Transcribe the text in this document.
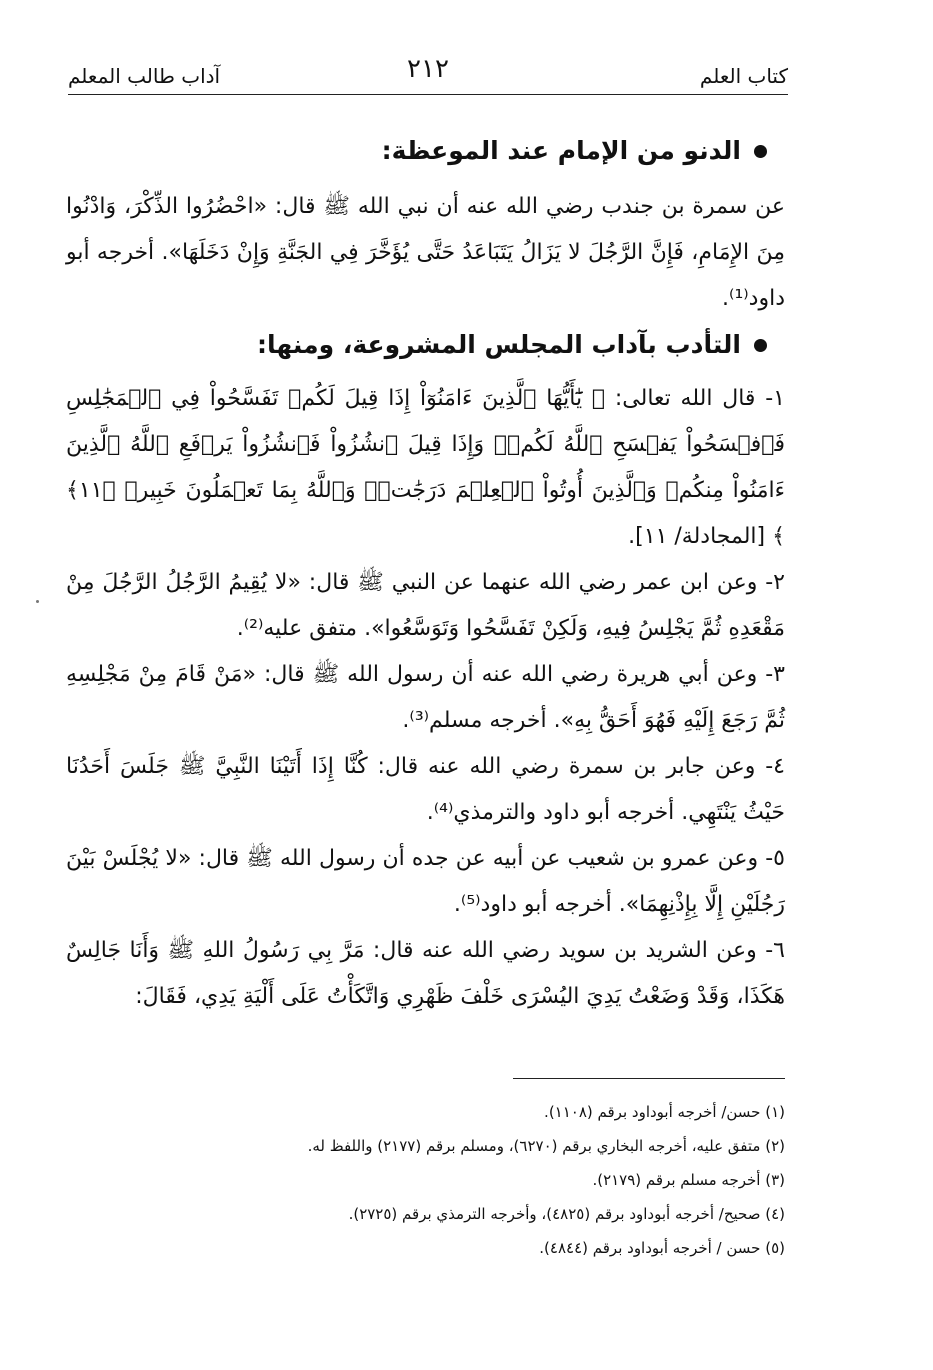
كتاب العلم
٢١٢
آداب طالب المعلم
الدنو من الإمام عند الموعظة:

عن سمرة بن جندب رضي الله عنه أن نبي الله ﷺ قال: «احْضُرُوا الذِّكْرَ، وَادْنُوا مِنَ الإِمَامِ، فَإِنَّ الرَّجُلَ لا يَزَالُ يَتَبَاعَدُ حَتَّى يُؤَخَّرَ فِي الجَنَّةِ وَإِنْ دَخَلَهَا». أخرجه أبو داود⁽¹⁾.

التأدب بآداب المجلس المشروعة، ومنها:

١- قال الله تعالى: ﴿ يَٰٓأَيُّهَا ٱلَّذِينَ ءَامَنُوٓاْ إِذَا قِيلَ لَكُمۡ تَفَسَّحُواْ فِي ٱلۡمَجَٰلِسِ فَٱفۡسَحُواْ يَفۡسَحِ ٱللَّهُ لَكُمۡۖ وَإِذَا قِيلَ ٱنشُزُواْ فَٱنشُزُواْ يَرۡفَعِ ٱللَّهُ ٱلَّذِينَ ءَامَنُواْ مِنكُمۡ وَٱلَّذِينَ أُوتُواْ ٱلۡعِلۡمَ دَرَجَٰتٖۚ وَٱللَّهُ بِمَا تَعۡمَلُونَ خَبِيرٞ ﴿١١﴾ ﴾ [المجادلة/ ١١].

٢- وعن ابن عمر رضي الله عنهما عن النبي ﷺ قال: «لا يُقِيمُ الرَّجُلُ الرَّجُلَ مِنْ مَقْعَدِهِ ثُمَّ يَجْلِسُ فِيهِ، وَلَكِنْ تَفَسَّحُوا وَتَوَسَّعُوا». متفق عليه⁽²⁾.

٣- وعن أبي هريرة رضي الله عنه أن رسول الله ﷺ قال: «مَنْ قَامَ مِنْ مَجْلِسِهِ ثُمَّ رَجَعَ إِلَيْهِ فَهُوَ أَحَقُّ بِهِ». أخرجه مسلم⁽³⁾.

٤- وعن جابر بن سمرة رضي الله عنه قال: كُنَّا إِذَا أَتَيْنَا النَّبِيَّ ﷺ جَلَسَ أَحَدُنَا حَيْثُ يَنْتَهِي. أخرجه أبو داود والترمذي⁽⁴⁾.

٥- وعن عمرو بن شعيب عن أبيه عن جده أن رسول الله ﷺ قال: «لا يُجْلَسْ بَيْنَ رَجُلَيْنِ إِلَّا بِإِذْنِهِمَا». أخرجه أبو داود⁽⁵⁾.

٦- وعن الشريد بن سويد رضي الله عنه قال: مَرَّ بِي رَسُولُ اللهِ ﷺ وَأَنَا جَالِسٌ هَكَذَا، وَقَدْ وَضَعْتُ يَدِيَ اليُسْرَى خَلْفَ ظَهْرِي وَاتَّكَأْتُ عَلَى أَلْيَةِ يَدِي، فَقَالَ:

(١) حسن/ أخرجه أبوداود برقم (١١٠٨).
(٢) متفق عليه، أخرجه البخاري برقم (٦٢٧٠)، ومسلم برقم (٢١٧٧) واللفظ له.
(٣) أخرجه مسلم برقم (٢١٧٩).
(٤) صحيح/ أخرجه أبوداود برقم (٤٨٢٥)، وأخرجه الترمذي برقم (٢٧٢٥).
(٥) حسن / أخرجه أبوداود برقم (٤٨٤٤).
